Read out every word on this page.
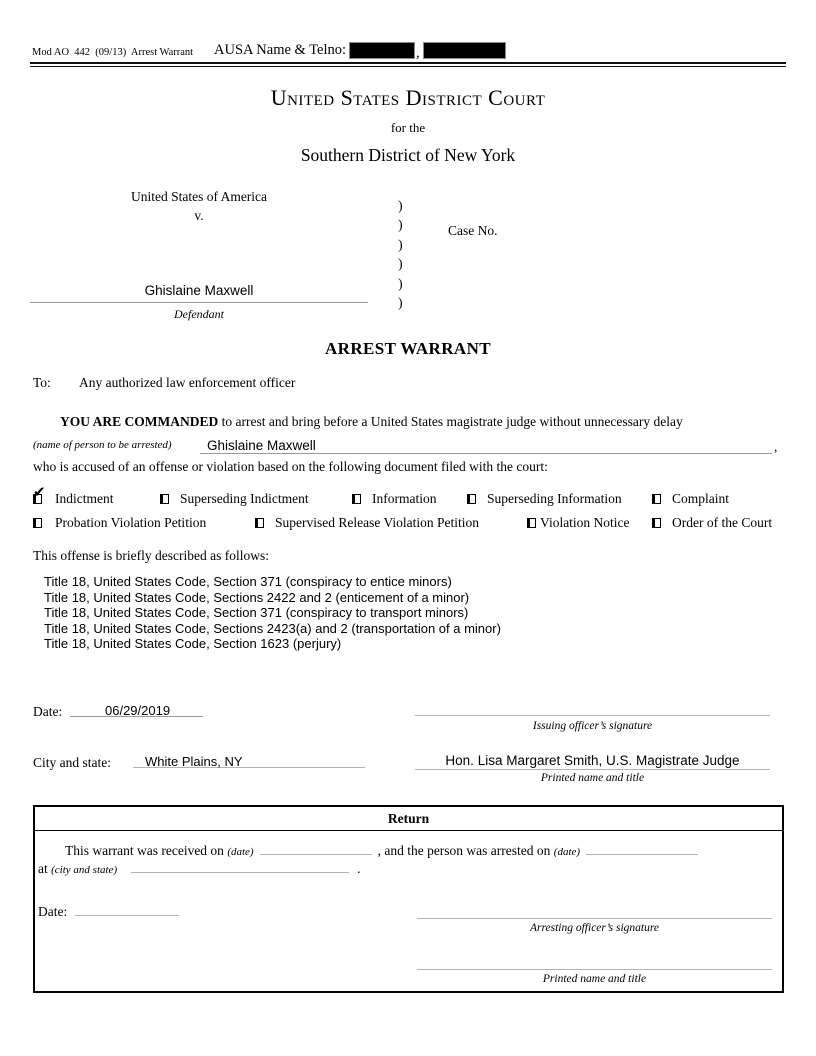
Mod AO  442  (09/13)  Arrest Warrant AUSA Name & Telno:	,
United States District Court
for the
Southern District of New York
United States of America
v.
Ghislaine Maxwell
Defendant
)
)
)
)
)
)
Case No.
ARREST WARRANT
To: Any authorized law enforcement officer
YOU ARE COMMANDED to arrest and bring before a United States magistrate judge without unnecessary delay
(name of person to be arrested)	Ghislaine Maxwell	,
who is accused of an offense or violation based on the following document filed with the court:
✔ Indictment	Superseding Indictment	Information	Superseding Information	Complaint
Probation Violation Petition	Supervised Release Violation Petition	Violation Notice	Order of the Court
This offense is briefly described as follows:
Title 18, United States Code, Section 371 (conspiracy to entice minors)
Title 18, United States Code, Sections 2422 and 2 (enticement of a minor)
Title 18, United States Code, Section 371 (conspiracy to transport minors)
Title 18, United States Code, Sections 2423(a) and 2 (transportation of a minor)
Title 18, United States Code, Section 1623 (perjury)
Date:	06/29/2019
Issuing officer’s signature
City and state:	White Plains, NY	Hon. Lisa Margaret Smith, U.S. Magistrate Judge
Printed name and title
Return
This warrant was received on (date)	, and the person was arrested on (date)
at (city and state)	.
Date:
Arresting officer’s signature
Printed name and title
